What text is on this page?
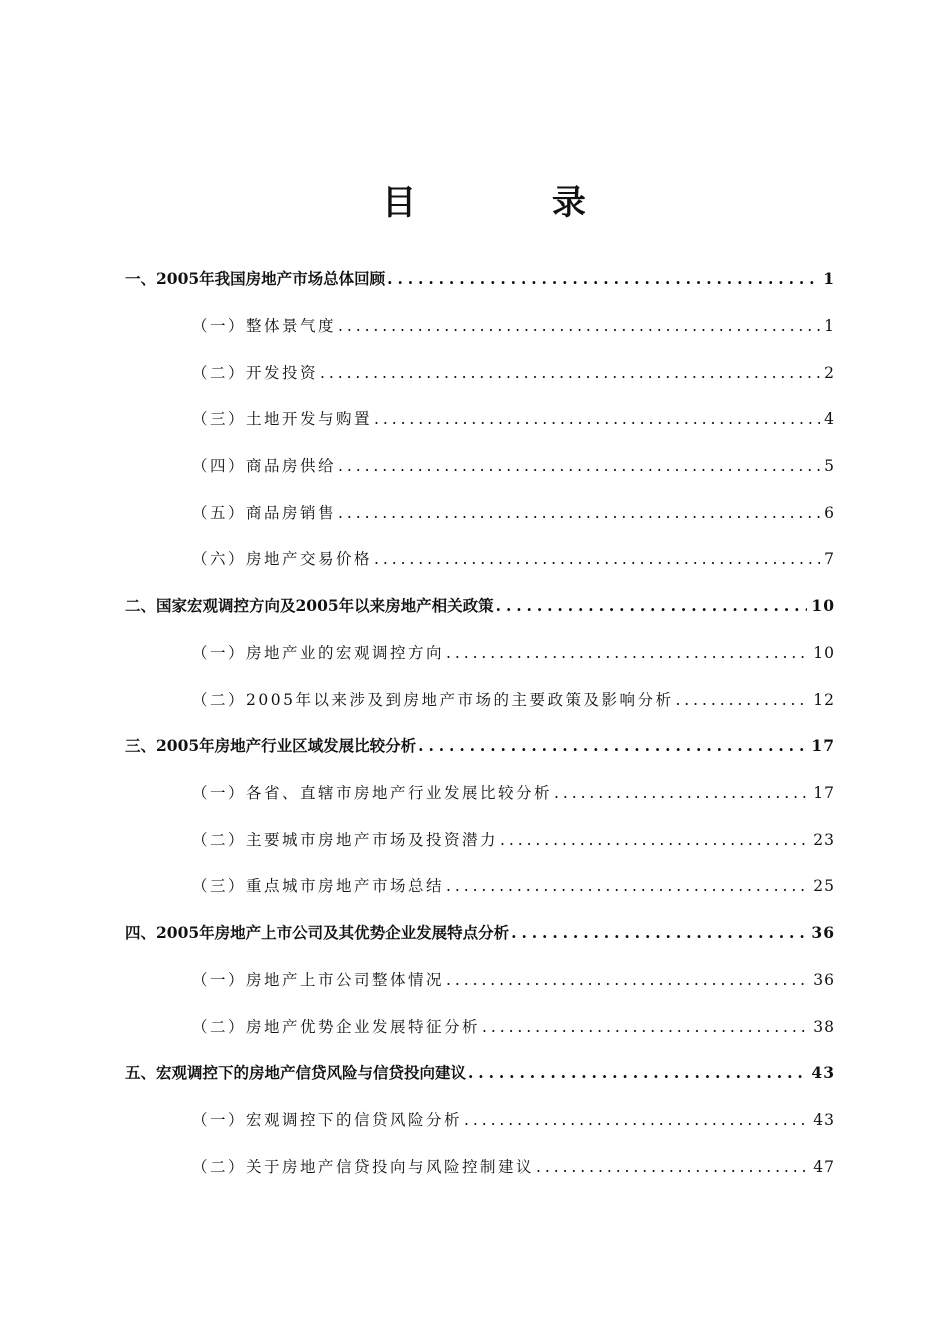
目 录
一、2005年我国房地产市场总体回顾 . . .	1
（一）整体景气度 . . .	1
（二）开发投资 . . .	2
（三）土地开发与购置 . . .	4
（四）商品房供给 . . .	5
（五）商品房销售 . . .	6
（六）房地产交易价格 . . .	7
二、国家宏观调控方向及2005年以来房地产相关政策 . . .	10
（一）房地产业的宏观调控方向 . . .	10
（二）2005年以来涉及到房地产市场的主要政策及影响分析 . . .	12
三、2005年房地产行业区域发展比较分析 . . .	17
（一）各省、直辖市房地产行业发展比较分析 . . .	17
（二）主要城市房地产市场及投资潜力 . . .	23
（三）重点城市房地产市场总结 . . .	25
四、2005年房地产上市公司及其优势企业发展特点分析 . . .	36
（一）房地产上市公司整体情况 . . .	36
（二）房地产优势企业发展特征分析 . . .	38
五、宏观调控下的房地产信贷风险与信贷投向建议 . . .	43
（一）宏观调控下的信贷风险分析 . . .	43
（二）关于房地产信贷投向与风险控制建议 . . .	47
